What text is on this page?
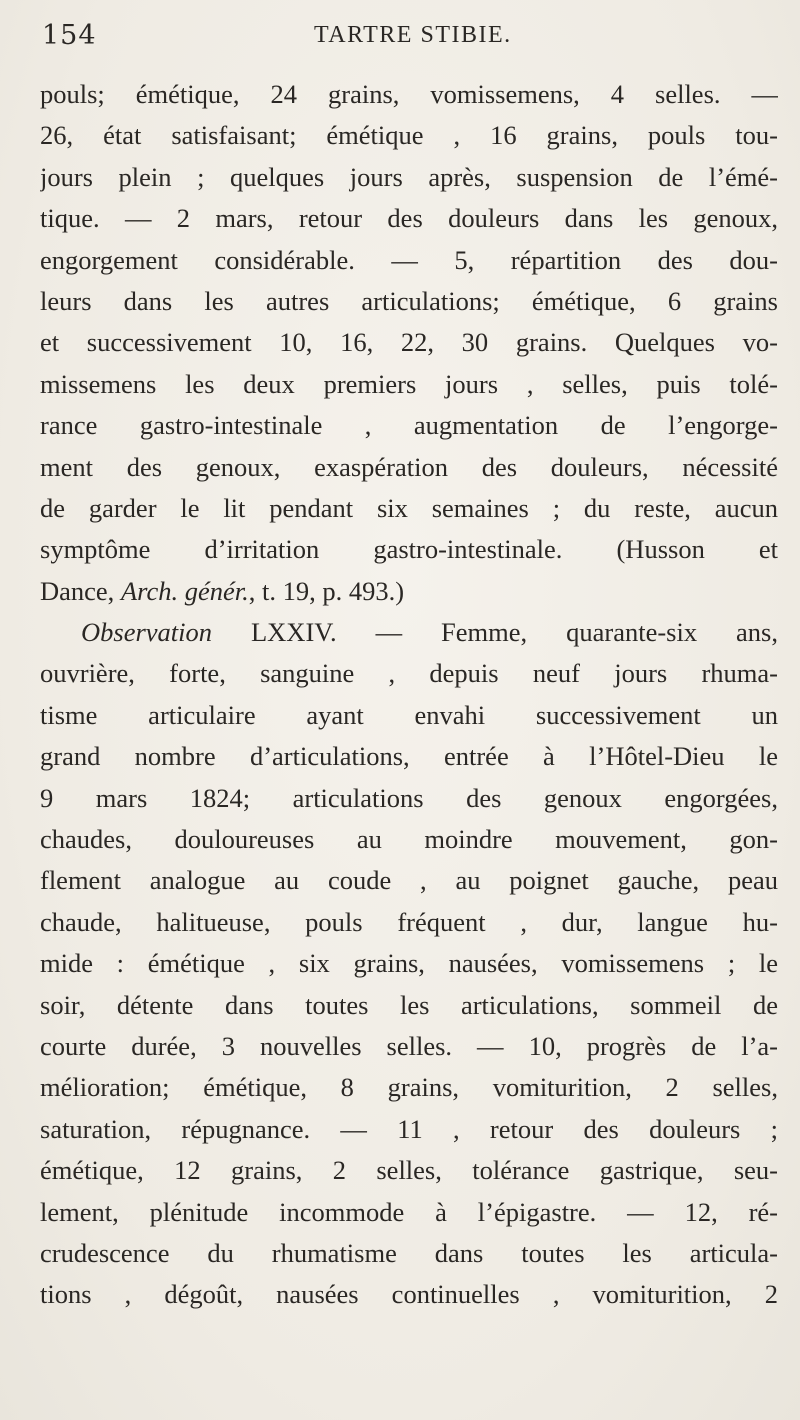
154	TARTRE STIBIE.
pouls; émétique, 24 grains, vomissemens, 4 selles. —
26, état satisfaisant; émétique , 16 grains, pouls tou-
jours plein ; quelques jours après, suspension de l’émé-
tique. — 2 mars, retour des douleurs dans les genoux,
engorgement considérable. — 5, répartition des dou-
leurs dans les autres articulations; émétique, 6 grains
et successivement 10, 16, 22, 30 grains. Quelques vo-
missemens les deux premiers jours , selles, puis tolé-
rance gastro-intestinale , augmentation de l’engorge-
ment des genoux, exaspération des douleurs, nécessité
de garder le lit pendant six semaines ; du reste, aucun
symptôme d’irritation gastro-intestinale. (Husson et
Dance, Arch. génér., t. 19, p. 493.)
Observation LXXIV. — Femme, quarante-six ans,
ouvrière, forte, sanguine , depuis neuf jours rhuma-
tisme articulaire ayant envahi successivement un
grand nombre d’articulations, entrée à l’Hôtel-Dieu le
9 mars 1824; articulations des genoux engorgées,
chaudes, douloureuses au moindre mouvement, gon-
flement analogue au coude , au poignet gauche, peau
chaude, halitueuse, pouls fréquent , dur, langue hu-
mide : émétique , six grains, nausées, vomissemens ; le
soir, détente dans toutes les articulations, sommeil de
courte durée, 3 nouvelles selles. — 10, progrès de l’a-
mélioration; émétique, 8 grains, vomiturition, 2 selles,
saturation, répugnance. — 11 , retour des douleurs ;
émétique, 12 grains, 2 selles, tolérance gastrique, seu-
lement, plénitude incommode à l’épigastre. — 12, ré-
crudescence du rhumatisme dans toutes les articula-
tions , dégoût, nausées continuelles , vomiturition, 2
